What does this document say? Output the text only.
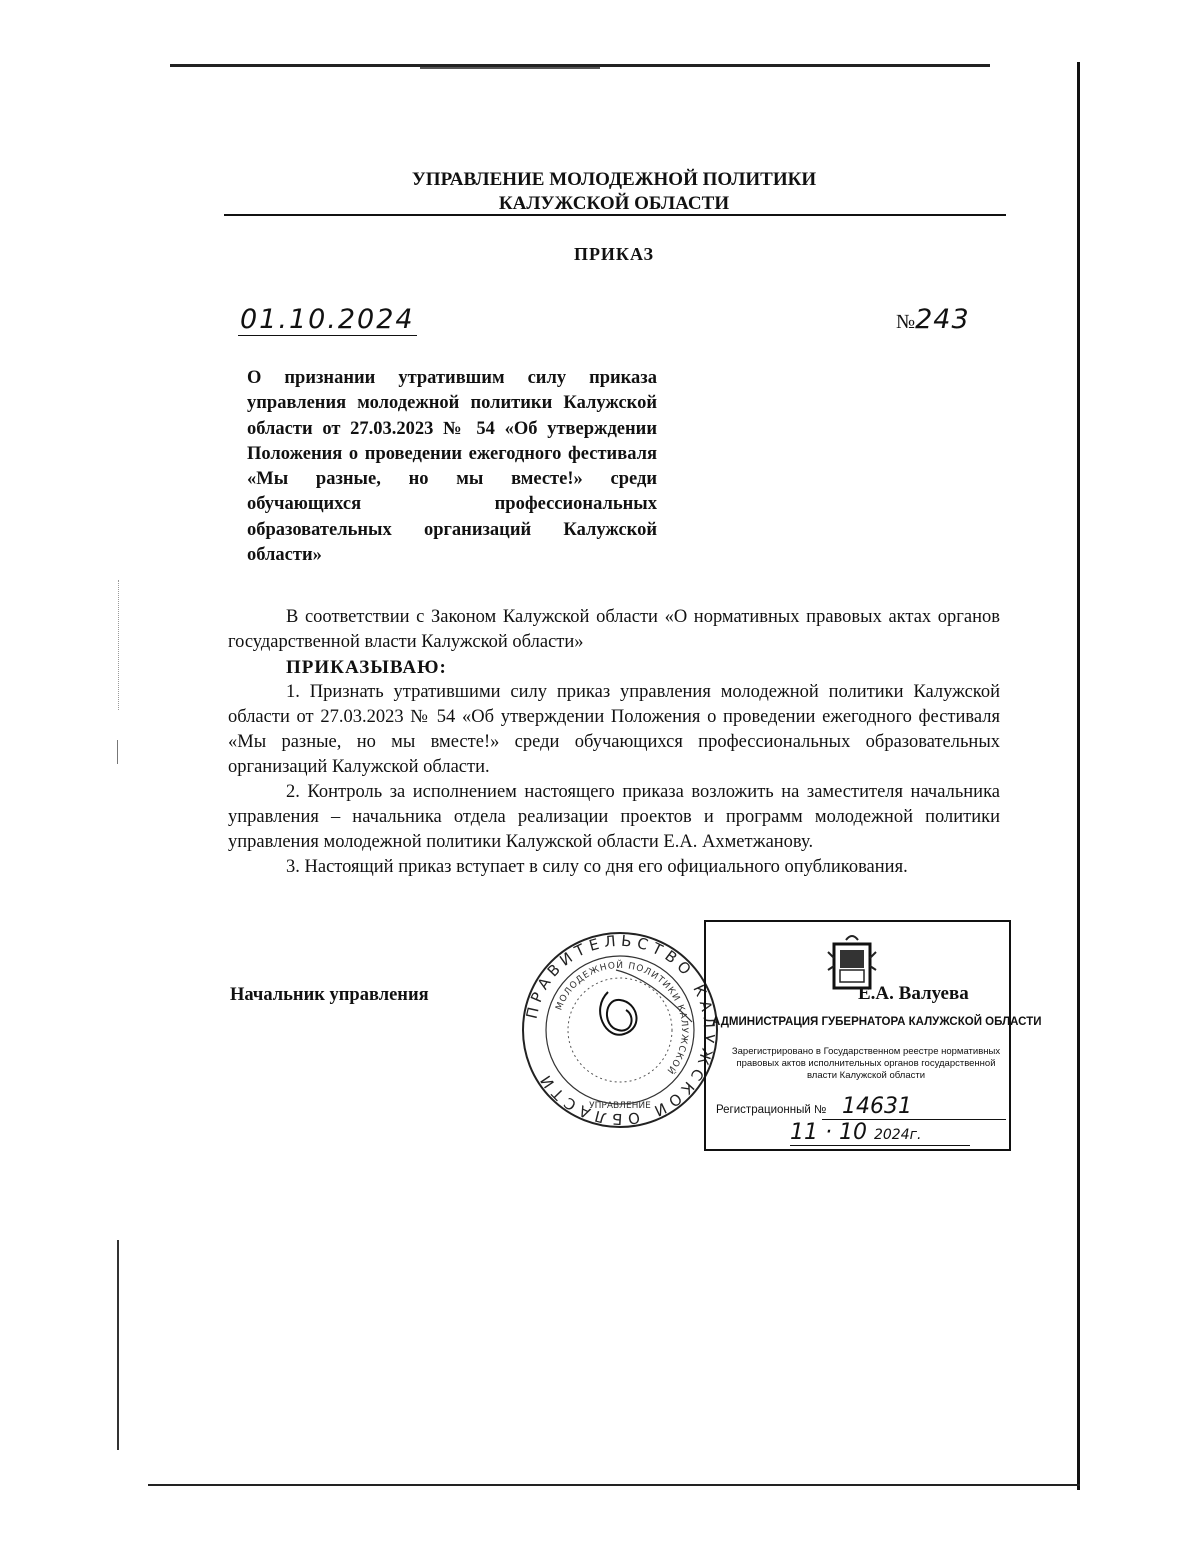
УПРАВЛЕНИЕ МОЛОДЕЖНОЙ ПОЛИТИКИ
КАЛУЖСКОЙ ОБЛАСТИ
ПРИКАЗ
01.10.2024	№243

О признании утратившим силу приказа управления молодежной политики Калужской области от 27.03.2023 № 54 «Об утверждении Положения о проведении ежегодного фестиваля «Мы разные, но мы вместе!» среди обучающихся профессиональных образовательных организаций Калужской области»

В соответствии с Законом Калужской области «О нормативных правовых актах органов государственной власти Калужской области»

ПРИКАЗЫВАЮ:

1. Признать утратившими силу приказ управления молодежной политики Калужской области от 27.03.2023 № 54 «Об утверждении Положения о проведении ежегодного фестиваля «Мы разные, но мы вместе!» среди обучающихся профессиональных образовательных организаций Калужской области.

2. Контроль за исполнением настоящего приказа возложить на заместителя начальника управления – начальника отдела реализации проектов и программ молодежной политики управления молодежной политики Калужской области Е.А. Ахметжанову.

3. Настоящий приказ вступает в силу со дня его официального опубликования.

Начальник управления
ПРАВИТЕЛЬСТВО КАЛУЖСКОЙ ОБЛАСТИ
МОЛОДЕЖНОЙ ПОЛИТИКИ КАЛУЖСКОЙ
УПРАВЛЕНИЕ
АДМИНИСТРАЦИЯ ГУБЕРНАТОРА КАЛУЖСКОЙ ОБЛАСТИ
Зарегистрировано в Государственном реестре нормативных правовых актов исполнительных органов государственной власти Калужской области
Регистрационный № 14631
11 · 10 2024г.
Е.А. Валуева
